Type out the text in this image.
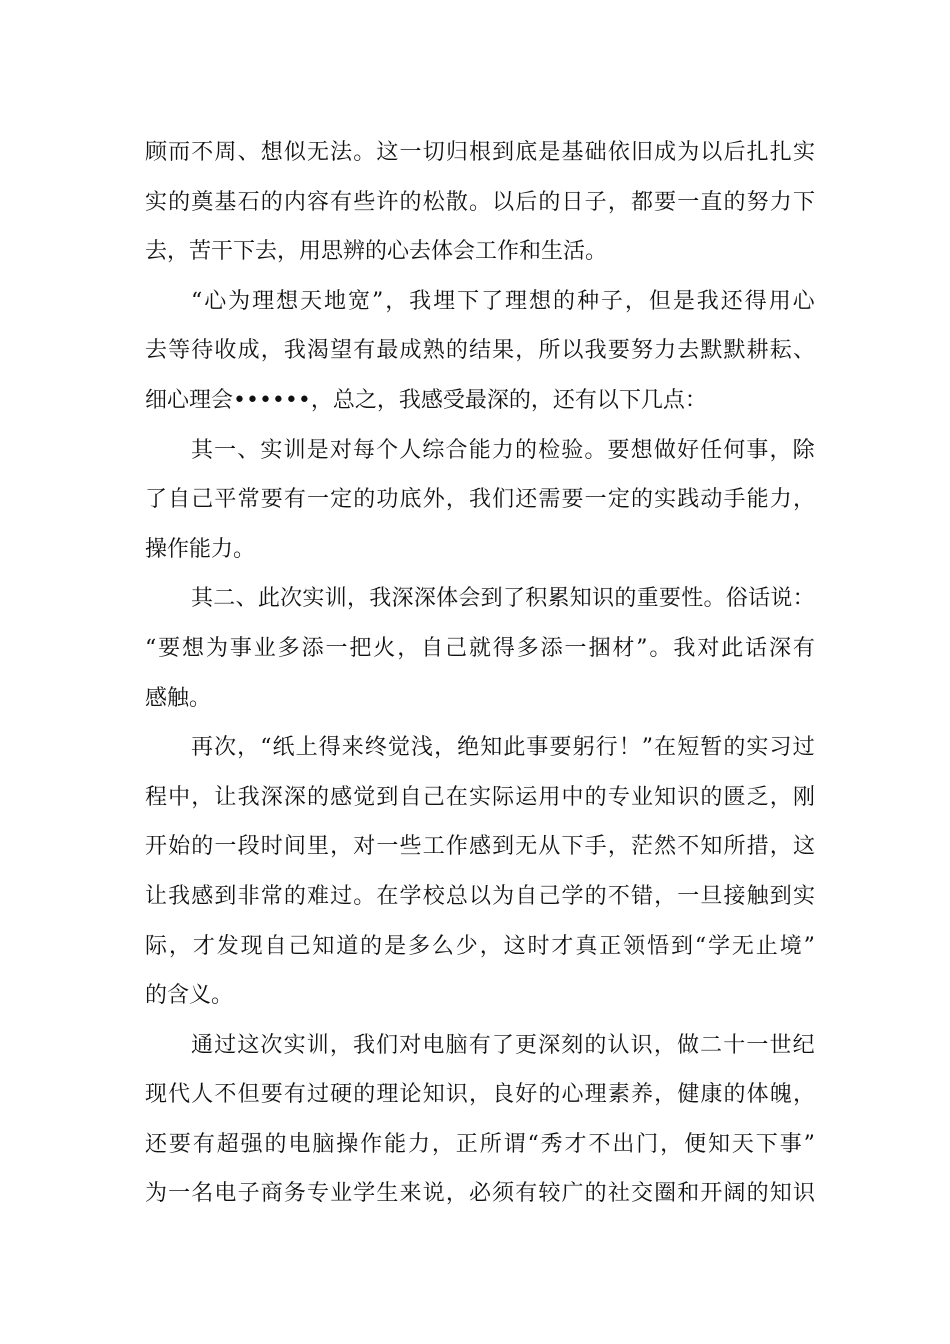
顾 而 不 周 、 想 似 无 法 。 这 一 切 归 根 到 底 是 基 础 依 旧 成 为 以 后 扎 扎 实
实 的 奠 基 石 的 内 容 有 些 许 的 松 散 。 以 后 的 日 子 ， 都 要 一 直 的 努 力 下
去，苦干下去，用思辨的心去体会工作和生活。
“ 心 为 理 想 天 地 宽 ” ， 我 埋 下 了 理 想 的 种 子 ， 但 是 我 还 得 用 心
去 等 待 收 成 ， 我 渴 望 有 最 成 熟 的 结 果 ， 所 以 我 要 努 力 去 默 默 耕 耘 、
细心理会••••••，总之，我感受最深的，还有以下几点：
其 一 、 实 训 是 对 每 个 人 综 合 能 力 的 检 验 。 要 想 做 好 任 何 事 ， 除
了 自 己 平 常 要 有 一 定 的 功 底 外 ， 我 们 还 需 要 一 定 的 实 践 动 手 能 力 ，
操作能力。
其 二 、 此 次 实 训 ， 我 深 深 体 会 到 了 积 累 知 识 的 重 要 性 。 俗 话 说 ：
“ 要 想 为 事 业 多 添 一 把 火 ， 自 己 就 得 多 添 一 捆 材 ” 。 我 对 此 话 深 有
感触。
再 次 ， “ 纸 上 得 来 终 觉 浅 ， 绝 知 此 事 要 躬 行 ！ ” 在 短 暂 的 实 习 过
程 中 ， 让 我 深 深 的 感 觉 到 自 己 在 实 际 运 用 中 的 专 业 知 识 的 匮 乏 ， 刚
开 始 的 一 段 时 间 里 ， 对 一 些 工 作 感 到 无 从 下 手 ， 茫 然 不 知 所 措 ， 这
让 我 感 到 非 常 的 难 过 。 在 学 校 总 以 为 自 己 学 的 不 错 ， 一 旦 接 触 到 实
际 ， 才 发 现 自 己 知 道 的 是 多 么 少 ， 这 时 才 真 正 领 悟 到 “ 学 无 止 境 ”
的含义。
通 过 这 次 实 训 ， 我 们 对 电 脑 有 了 更 深 刻 的 认 识 ， 做 二 十 一 世 纪
现 代 人 不 但 要 有 过 硬 的 理 论 知 识 ， 良 好 的 心 理 素 养 ， 健 康 的 体 魄 ，
还 要 有 超 强 的 电 脑 操 作 能 力 ， 正 所 谓 “ 秀 才 不 出 门 ， 便 知 天 下 事 ”
为 一 名 电 子 商 务 专 业 学 生 来 说 ， 必 须 有 较 广 的 社 交 圈 和 开 阔 的 知 识
